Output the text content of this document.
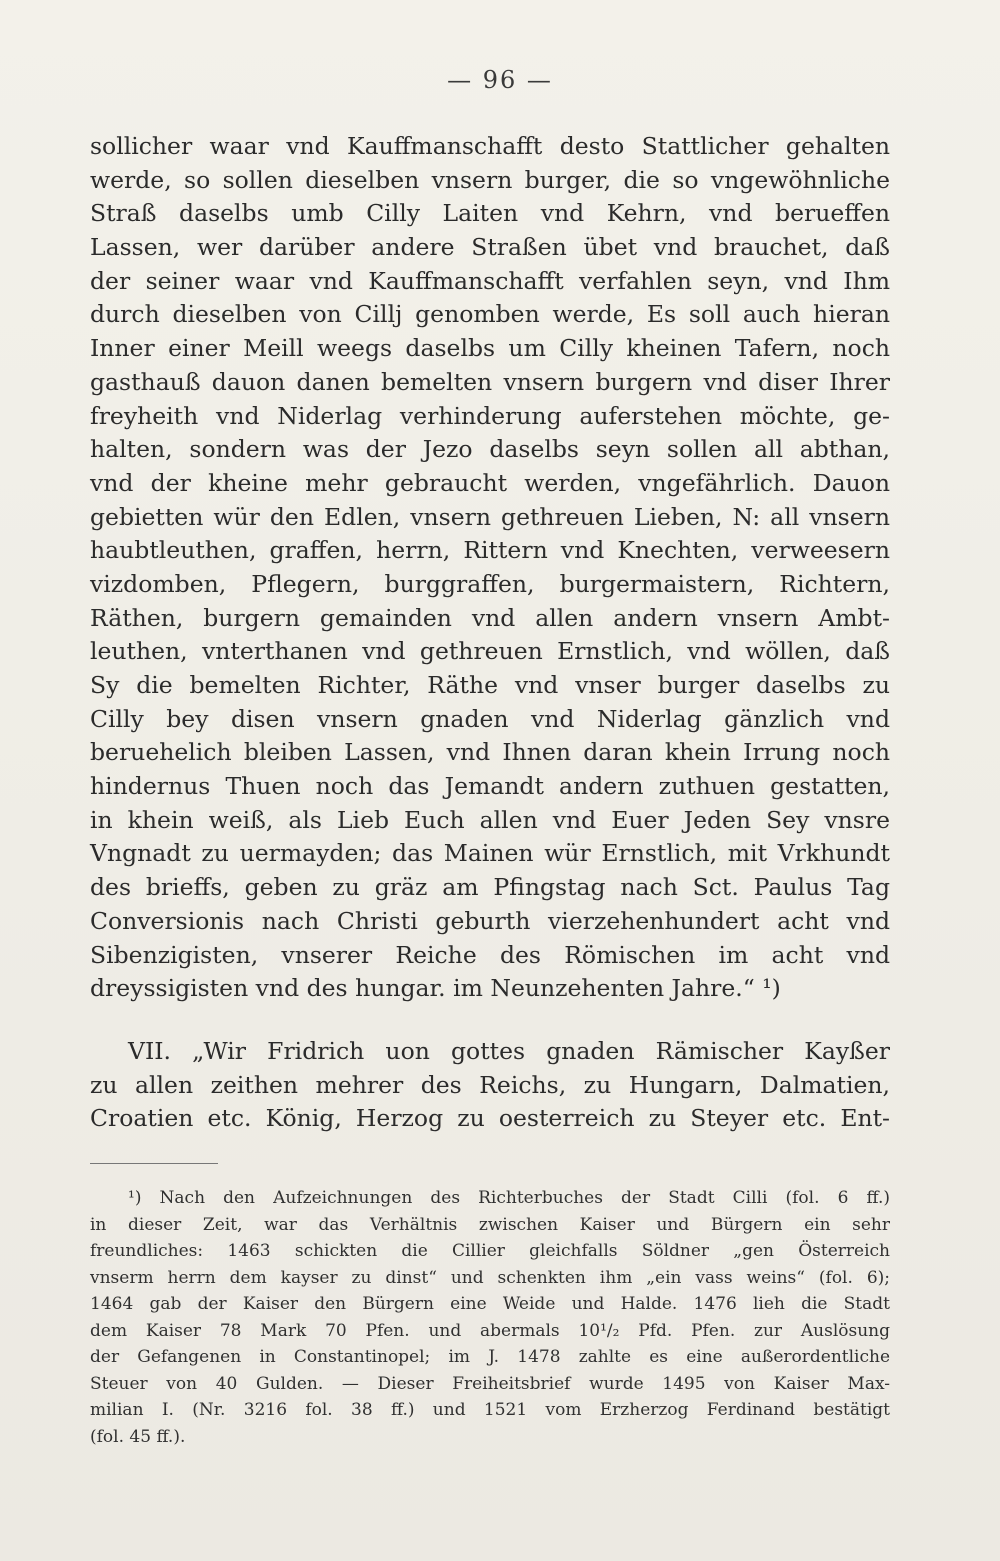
— 96 —
sollicher waar vnd Kauffmanschafft desto Stattlicher gehalten
werde, so sollen dieselben vnsern burger, die so vngewöhnliche
Straß daselbs umb Cilly Laiten vnd Kehrn, vnd berueffen
Lassen, wer darüber andere Straßen übet vnd brauchet, daß
der seiner waar vnd Kauffmanschafft verfahlen seyn, vnd Ihm
durch dieselben von Cillj genomben werde, Es soll auch hieran
Inner einer Meill weegs daselbs um Cilly kheinen Tafern, noch
gasthauß dauon danen bemelten vnsern burgern vnd diser Ihrer
freyheith vnd Niderlag verhinderung auferstehen möchte, ge-
halten, sondern was der Jezo daselbs seyn sollen all abthan,
vnd der kheine mehr gebraucht werden, vngefährlich. Dauon
gebietten wür den Edlen, vnsern gethreuen Lieben, N: all vnsern
haubtleuthen, graffen, herrn, Rittern vnd Knechten, verweesern
vizdomben, Pflegern, burggraffen, burgermaistern, Richtern,
Räthen, burgern gemainden vnd allen andern vnsern Ambt-
leuthen, vnterthanen vnd gethreuen Ernstlich, vnd wöllen, daß
Sy die bemelten Richter, Räthe vnd vnser burger daselbs zu
Cilly bey disen vnsern gnaden vnd Niderlag gänzlich vnd
beruehelich bleiben Lassen, vnd Ihnen daran khein Irrung noch
hindernus Thuen noch das Jemandt andern zuthuen gestatten,
in khein weiß, als Lieb Euch allen vnd Euer Jeden Sey vnsre
Vngnadt zu uermayden; das Mainen wür Ernstlich, mit Vrkhundt
des brieffs, geben zu gräz am Pfingstag nach Sct. Paulus Tag
Conversionis nach Christi geburth vierzehenhundert acht vnd
Sibenzigisten, vnserer Reiche des Römischen im acht vnd
dreyssigisten vnd des hungar. im Neunzehenten Jahre.“ ¹)
VII. „Wir Fridrich uon gottes gnaden Rämischer Kayßer
zu allen zeithen mehrer des Reichs, zu Hungarn, Dalmatien,
Croatien etc. König, Herzog zu oesterreich zu Steyer etc. Ent-
¹) Nach den Aufzeichnungen des Richterbuches der Stadt Cilli (fol. 6 ff.)
in dieser Zeit, war das Verhältnis zwischen Kaiser und Bürgern ein sehr
freundliches: 1463 schickten die Cillier gleichfalls Söldner „gen Österreich
vnserm herrn dem kayser zu dinst“ und schenkten ihm „ein vass weins“ (fol. 6);
1464 gab der Kaiser den Bürgern eine Weide und Halde. 1476 lieh die Stadt
dem Kaiser 78 Mark 70 Pfen. und abermals 10¹/₂ Pfd. Pfen. zur Auslösung
der Gefangenen in Constantinopel; im J. 1478 zahlte es eine außerordentliche
Steuer von 40 Gulden. — Dieser Freiheitsbrief wurde 1495 von Kaiser Max-
milian I. (Nr. 3216 fol. 38 ff.) und 1521 vom Erzherzog Ferdinand bestätigt
(fol. 45 ff.).
